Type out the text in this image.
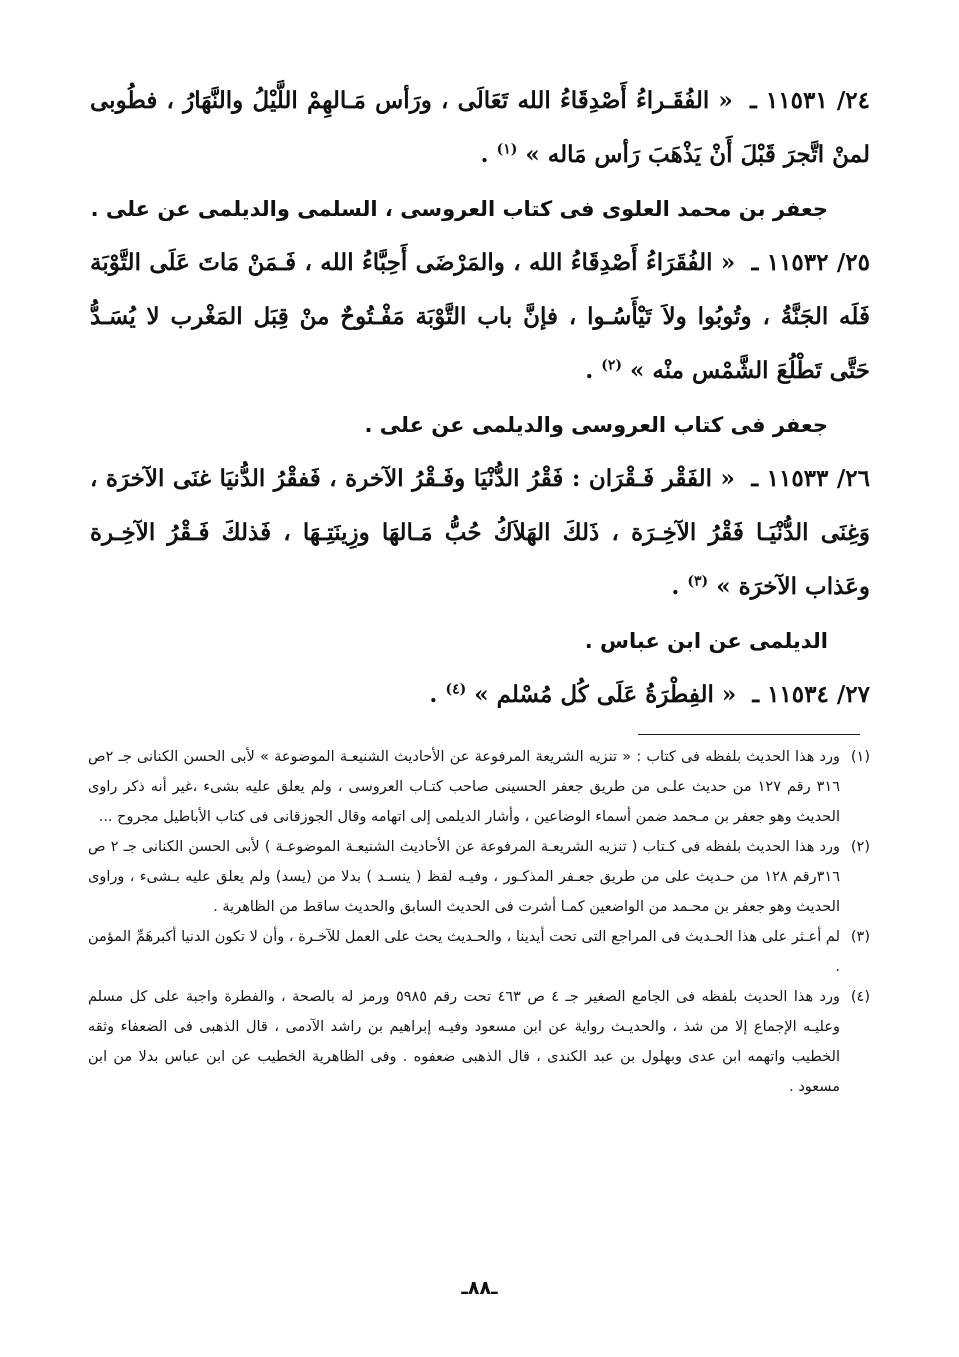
٢٤/ ١١٥٣١ ـ « الفُقَـراءُ أَصْدِقَاءُ الله تَعَالَى ، ورَأس مَـالهِمْ اللَّيْلُ والنَّهَارُ ، فطُوبى لمنْ اتَّجرَ قَبْلَ أَنْ يَذْهَبَ رَأس مَاله » $^{(١)}$ .

جعفر بن محمد العلوى فى كتاب العروسى ، السلمى والديلمى عن على .

٢٥/ ١١٥٣٢ ـ « الفُقَرَاءُ أَصْدِقَاءُ الله ، والمَرْضَى أَحِبَّاءُ الله ، فَـمَنْ مَاتَ عَلَى التَّوْبَة فَلَه الجَنَّةُ ، وتُوبُوا ولاَ تَيْأَسُـوا ، فإنَّ باب التَّوْبَة مَفْـتُوحٌ منْ قِبَل المَغْرب لا يُسَـدُّ حَتَّى تَطْلُعَ الشَّمْس منْه » $^{(٢)}$ .

جعفر فى كتاب العروسى والديلمى عن على .

٢٦/ ١١٥٣٣ ـ « الفَقْر فَـقْرَان : فَقْرُ الدُّنْيَا وفَـقْرُ الآخرة ، فَفقْرُ الدُّنيَا غنَى الآخرَة ، وَغِنَى الدُّنْيَـا فَقْرُ الآخِـرَة ، ذَلكَ الهَلاَكُ حُبُّ مَـالهَا وزِينَتِـهَا ، فَذلكَ فَـقْرُ الآخِـرة وعَذاب الآخرَة » $^{(٣)}$ .

الديلمى عن ابن عباس .

٢٧/ ١١٥٣٤ ـ « الفِطْرَةُ عَلَى كُل مُسْلم » $^{(٤)}$ .

(١)ورد هذا الحديث بلفظه فى كتاب : « تنزيه الشريعة المرفوعة عن الأحاديث الشنيعـة الموضوعة » لأبى الحسن الكنانى جـ ٢ص ٣١٦ رقم ١٢٧ من حديث علـى من طريق جعفر الحسينى صاحب كتـاب العروسى ، ولم يعلق عليه بشىء ،غير أنه ذكر راوى الحديث وهو جعفر بن مـحمد ضمن أسماء الوضاعين ، وأشار الديلمى إلى اتهامه وقال الجوزقانى فى كتاب الأباطيل مجروح ...

(٢)ورد هذا الحديث بلفظه فى كـتاب ( تنزيه الشريعـة المرفوعة عن الأحاديث الشنيعـة الموضوعـة ) لأبى الحسن الكنانى جـ ٢ ص ٣١٦رقم ١٢٨ من حـديث على من طريق جعـفر المذكـور ، وفيـه لفظ ( ينسـد ) بدلا من (يسد) ولم يعلق عليه بـشىء ، وراوى الحديث وهو جعفر بن محـمد من الواضعين كمـا أشرت فى الحديث السابق والحديث ساقط من الظاهرية .

(٣)لم أعـثر على هذا الحـديث فى المراجع التى تحت أيدينا ، والحـديث يحث على العمل للآخـرة ، وأن لا تكون الدنيا أكبرهَمِّ المؤمن .

(٤)ورد هذا الحديث بلفظه فى الجامع الصغير جـ ٤ ص ٤٦٣ تحت رقم ٥٩٨٥ ورمز له بالصحة ، والفطرة واجبة على كل مسلم وعليـه الإجماع إلا من شذ ، والحديـث رواية عن ابن مسعود وفيـه إبراهيم بن راشد الآدمى ، قال الذهبى فى الضعفاء وثقه الخطيب واتهمه ابن عدى وبهلول بن عبد الكندى ، قال الذهبى ضعفوه . وفى الظاهرية الخطيب عن ابن عباس بدلا من ابن مسعود .

ـ٨٨ـ
